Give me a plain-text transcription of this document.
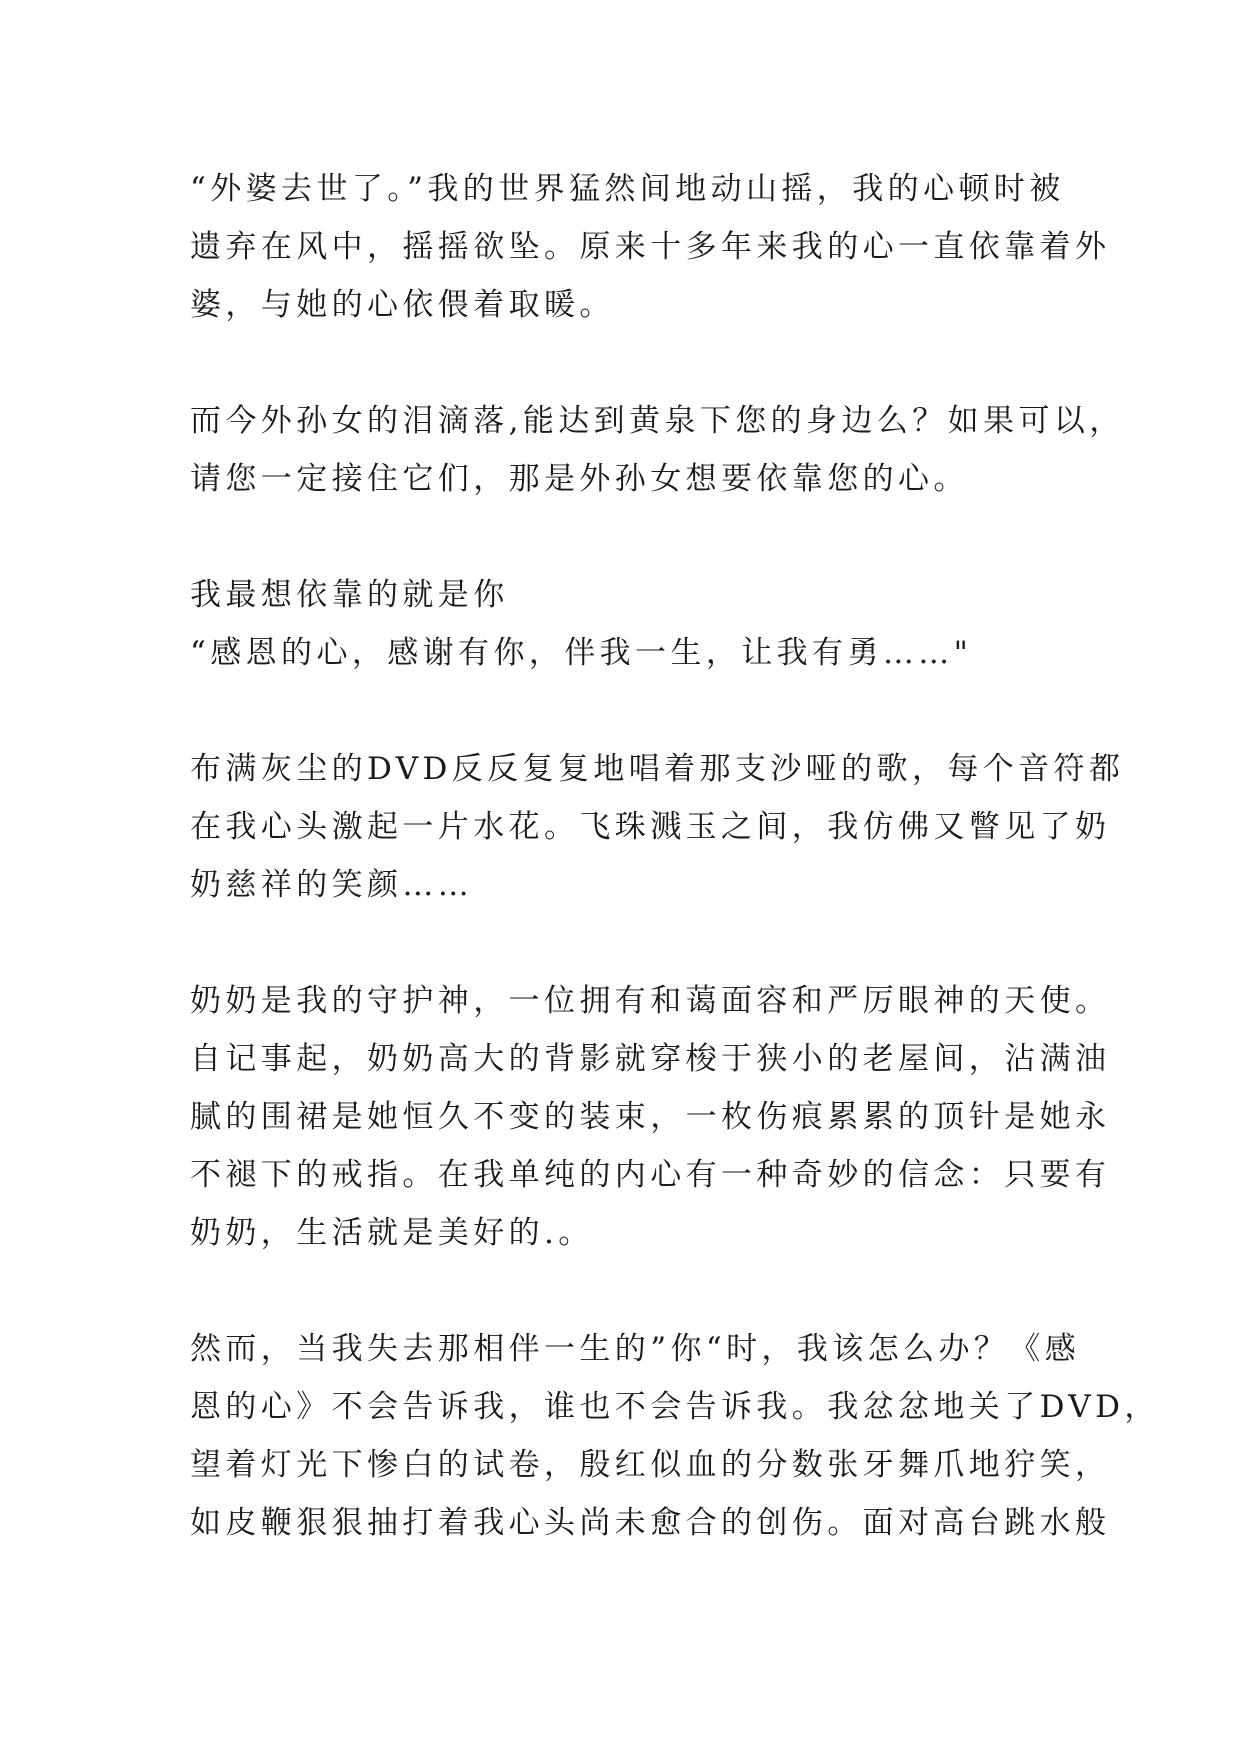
“外婆去世了。”我的世界猛然间地动山摇，我的心顿时被
遗弃在风中，摇摇欲坠。原来十多年来我的心一直依靠着外
婆，与她的心依偎着取暖。
而今外孙女的泪滴落,能达到黄泉下您的身边么？如果可以，
请您一定接住它们，那是外孙女想要依靠您的心。
我最想依靠的就是你
“感恩的心，感谢有你，伴我一生，让我有勇……"
布满灰尘的DVD反反复复地唱着那支沙哑的歌，每个音符都
在我心头激起一片水花。飞珠溅玉之间，我仿佛又瞥见了奶
奶慈祥的笑颜……
奶奶是我的守护神，一位拥有和蔼面容和严厉眼神的天使。
自记事起，奶奶高大的背影就穿梭于狭小的老屋间，沾满油
腻的围裙是她恒久不变的装束，一枚伤痕累累的顶针是她永
不褪下的戒指。在我单纯的内心有一种奇妙的信念：只要有
奶奶，生活就是美好的.。
然而，当我失去那相伴一生的”你“时，我该怎么办？《感
恩的心》不会告诉我，谁也不会告诉我。我忿忿地关了DVD，
望着灯光下惨白的试卷，殷红似血的分数张牙舞爪地狞笑，
如皮鞭狠狠抽打着我心头尚未愈合的创伤。面对高台跳水般
